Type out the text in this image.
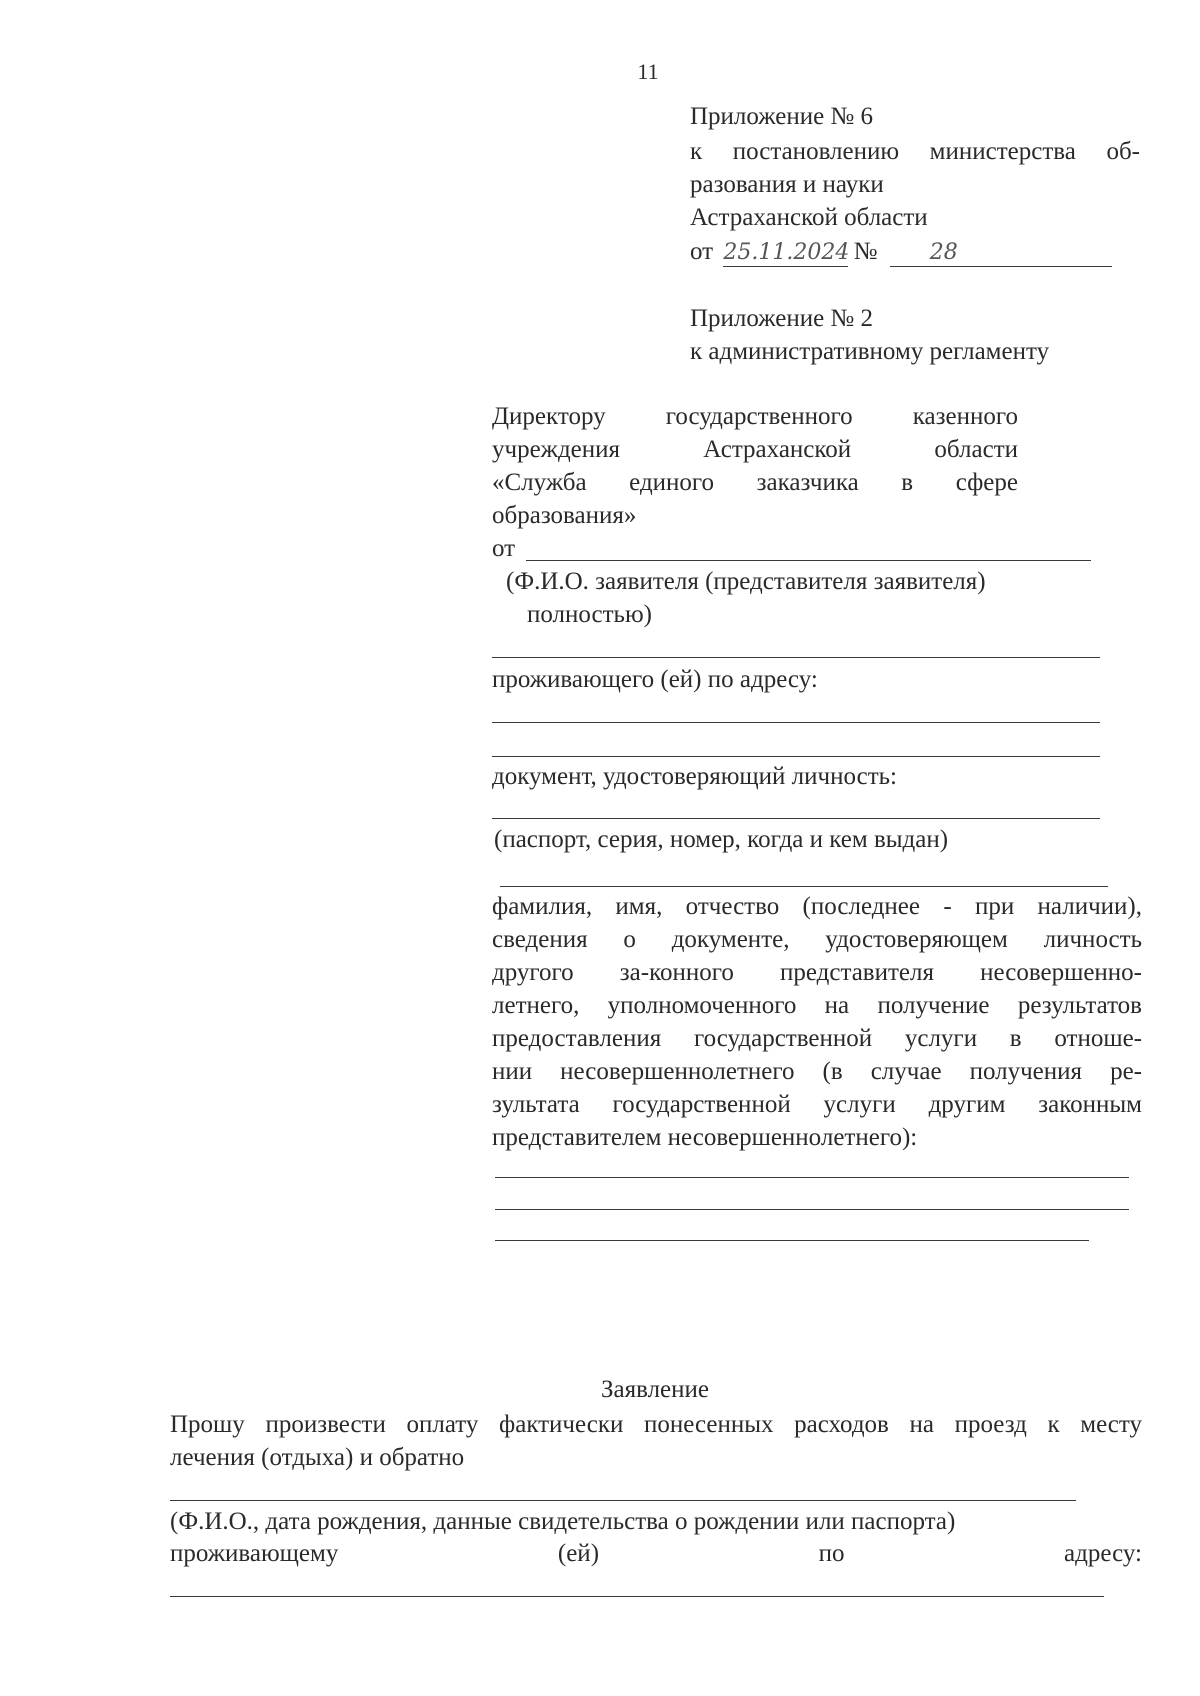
11
Приложение № 6
к постановлению министерства об-
разования и науки
Астраханской области
от 25.11.2024 № 28
Приложение № 2
к административному регламенту
Директору государственного казенного
учреждения Астраханской области
«Служба единого заказчика в сфере
образования»
от
(Ф.И.О. заявителя (представителя заявителя)
полностью)
проживающего (ей) по адресу:
документ, удостоверяющий личность:
(паспорт, серия, номер, когда и кем выдан)
фамилия, имя, отчество (последнее - при наличии),
сведения о документе, удостоверяющем личность
другого за-конного представителя несовершенно-
летнего, уполномоченного на получение результатов
предоставления государственной услуги в отноше-
нии несовершеннолетнего (в случае получения ре-
зультата государственной услуги другим законным
представителем несовершеннолетнего):
Заявление
Прошу произвести оплату фактически понесенных расходов на проезд к месту
лечения (отдыха) и обратно
(Ф.И.О., дата рождения, данные свидетельства о рождении или паспорта)
проживающему	(ей)	по	адресу:
